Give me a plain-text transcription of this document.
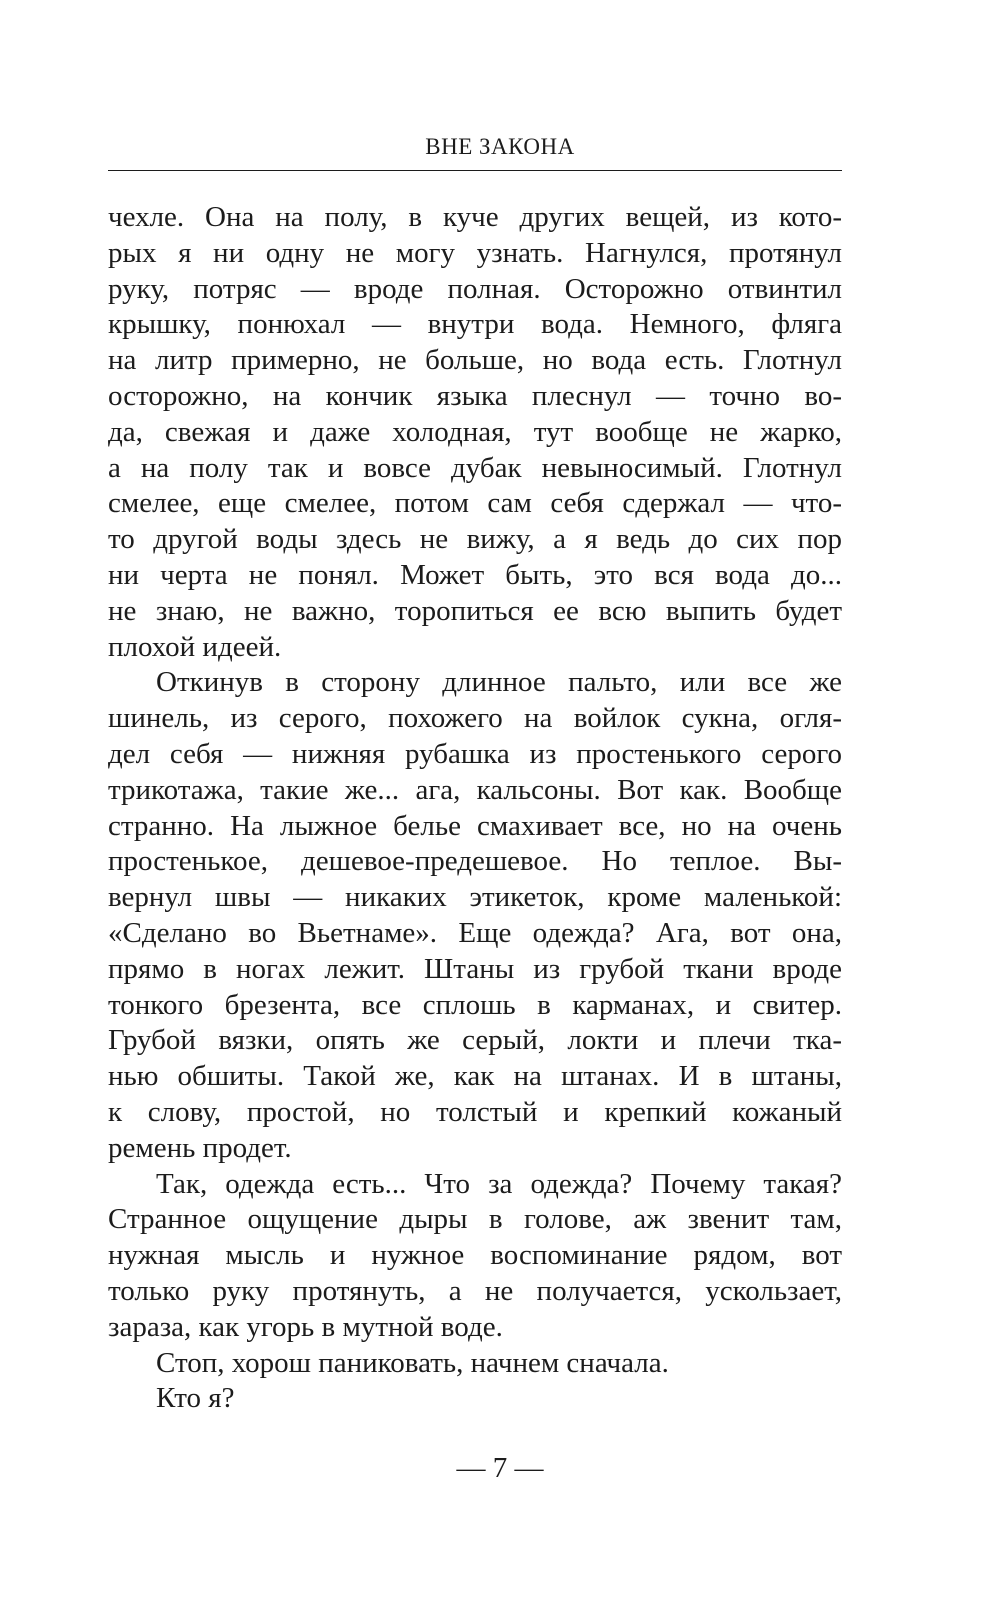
ВНЕ ЗАКОНА
чехле. Она на полу, в куче других вещей, из кото-
рых я ни одну не могу узнать. Нагнулся, протянул
руку, потряс — вроде полная. Осторожно отвинтил
крышку, понюхал — внутри вода. Немного, фляга
на литр примерно, не больше, но вода есть. Глотнул
осторожно, на кончик языка плеснул — точно во-
да, свежая и даже холодная, тут вообще не жарко,
а на полу так и вовсе дубак невыносимый. Глотнул
смелее, еще смелее, потом сам себя сдержал — что-
то другой воды здесь не вижу, а я ведь до сих пор
ни черта не понял. Может быть, это вся вода до...
не знаю, не важно, торопиться ее всю выпить будет
плохой идеей.
Откинув в сторону длинное пальто, или все же
шинель, из серого, похожего на войлок сукна, огля-
дел себя — нижняя рубашка из простенького серого
трикотажа, такие же... ага, кальсоны. Вот как. Вообще
странно. На лыжное белье смахивает все, но на очень
простенькое, дешевое-предешевое. Но теплое. Вы-
вернул швы — никаких этикеток, кроме маленькой:
«Сделано во Вьетнаме». Еще одежда? Ага, вот она,
прямо в ногах лежит. Штаны из грубой ткани вроде
тонкого брезента, все сплошь в карманах, и свитер.
Грубой вязки, опять же серый, локти и плечи тка-
нью обшиты. Такой же, как на штанах. И в штаны,
к слову, простой, но толстый и крепкий кожаный
ремень продет.
Так, одежда есть... Что за одежда? Почему такая?
Странное ощущение дыры в голове, аж звенит там,
нужная мысль и нужное воспоминание рядом, вот
только руку протянуть, а не получается, ускользает,
зараза, как угорь в мутной воде.
Стоп, хорош паниковать, начнем сначала.
Кто я?
— 7 —
